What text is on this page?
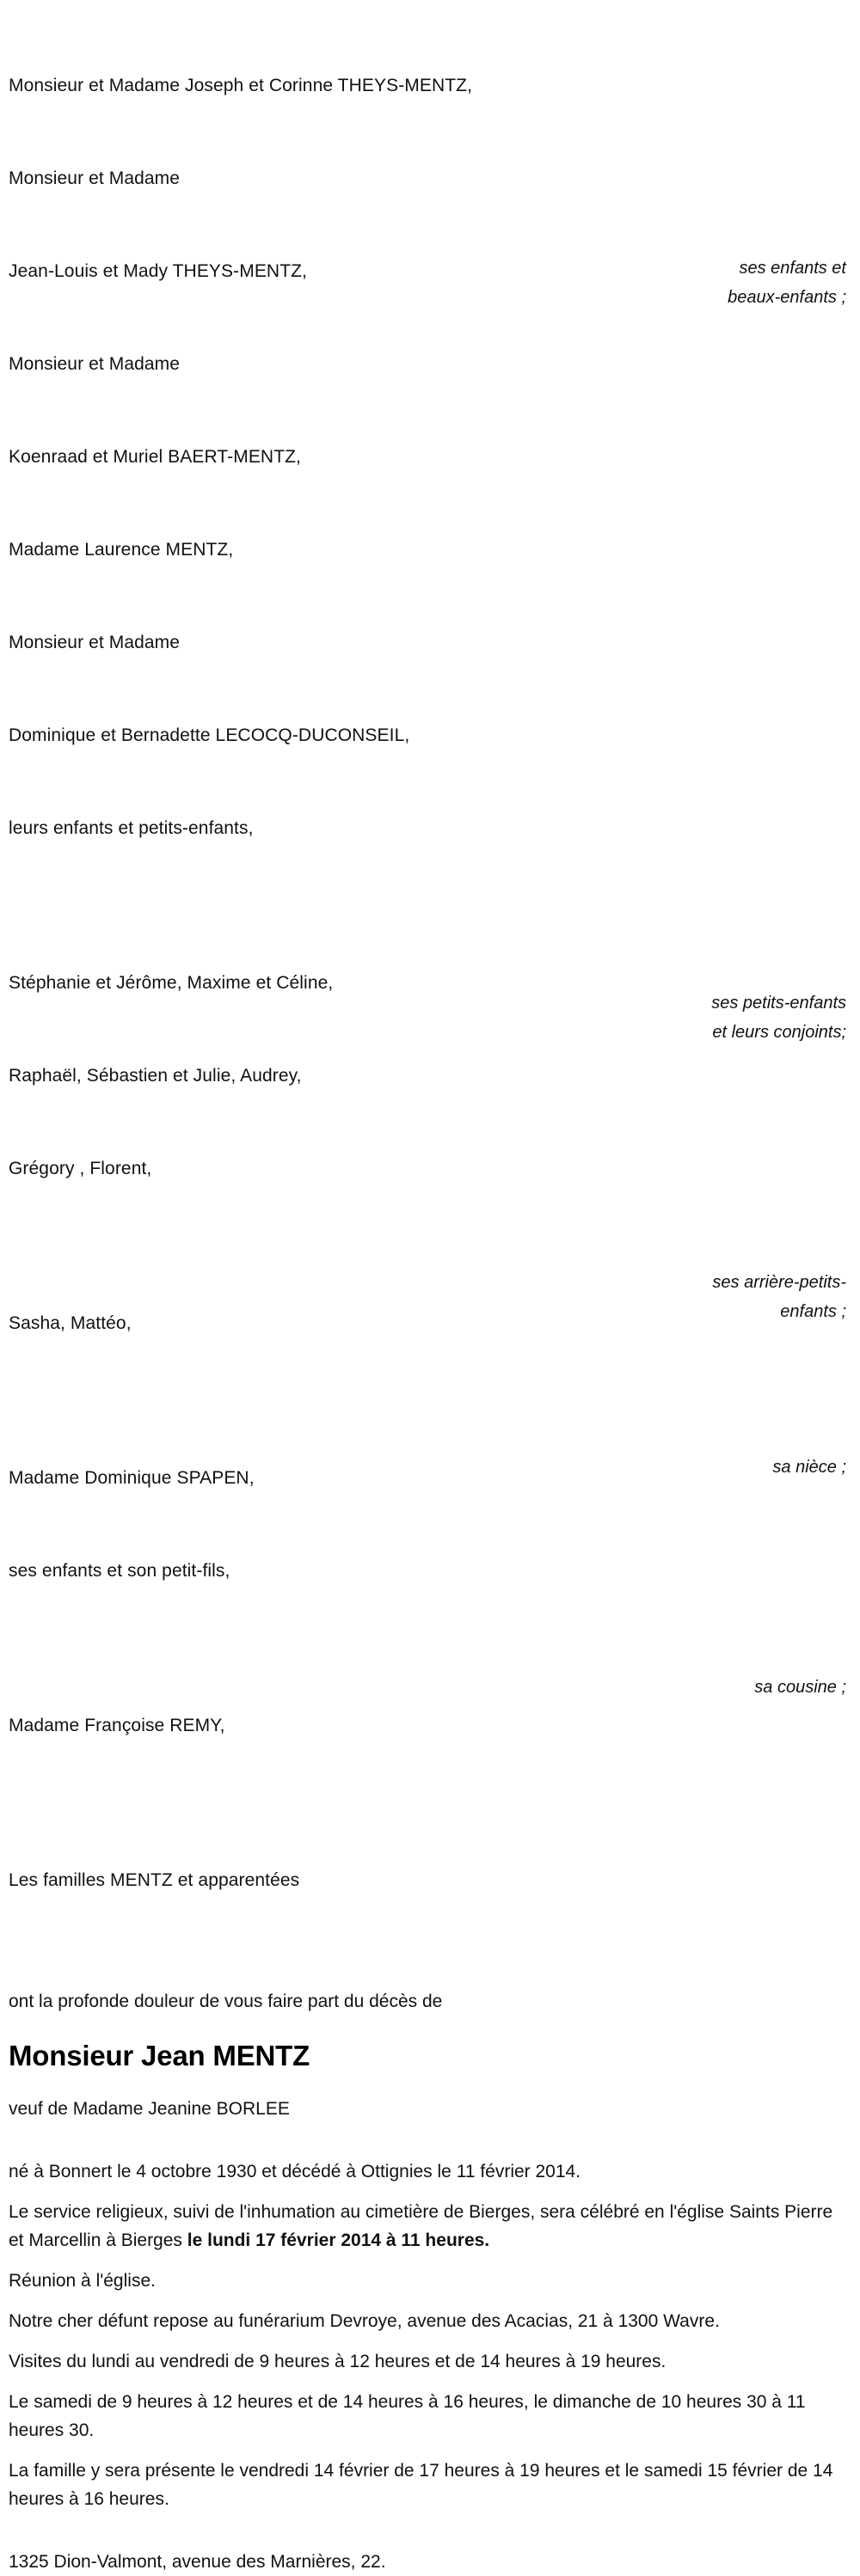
Monsieur et Madame Joseph et Corinne THEYS-MENTZ,

Monsieur et Madame

Jean-Louis et Mady THEYS-MENTZ,

Monsieur et Madame

Koenraad et Muriel BAERT-MENTZ,

Madame Laurence MENTZ,

Monsieur et Madame

Dominique et Bernadette LECOCQ-DUCONSEIL,

leurs enfants et petits-enfants,

ses enfants et
beaux-enfants ;

Stéphanie et Jérôme, Maxime et Céline,

Raphaël, Sébastien et Julie, Audrey,

Grégory , Florent,

ses petits-enfants
et leurs conjoints;

Sasha, Mattéo,

ses arrière-petits-
enfants ;

Madame Dominique SPAPEN,

ses enfants et son petit-fils,

sa nièce ;

Madame Françoise REMY,

sa cousine ;

Les familles MENTZ et apparentées

ont la profonde douleur de vous faire part du décès de

Monsieur Jean MENTZ

veuf de Madame Jeanine BORLEE

né à Bonnert le 4 octobre 1930 et décédé à Ottignies le 11 février 2014.

Le service religieux, suivi de l'inhumation au cimetière de Bierges, sera célébré en l'église Saints Pierre et Marcellin à Bierges le lundi 17 février 2014 à 11 heures.

Réunion à l'église.

Notre cher défunt repose au funérarium Devroye, avenue des Acacias, 21 à 1300 Wavre.

Visites du lundi au vendredi de 9 heures à 12 heures et de 14 heures à 19 heures.

Le samedi de 9 heures à 12 heures et de 14 heures à 16 heures, le dimanche de 10 heures 30 à 11 heures 30.

La famille y sera présente le vendredi 14 février de 17 heures à 19 heures et le samedi 15 février de 14 heures à 16 heures.

1325 Dion-Valmont, avenue des Marnières, 22.
